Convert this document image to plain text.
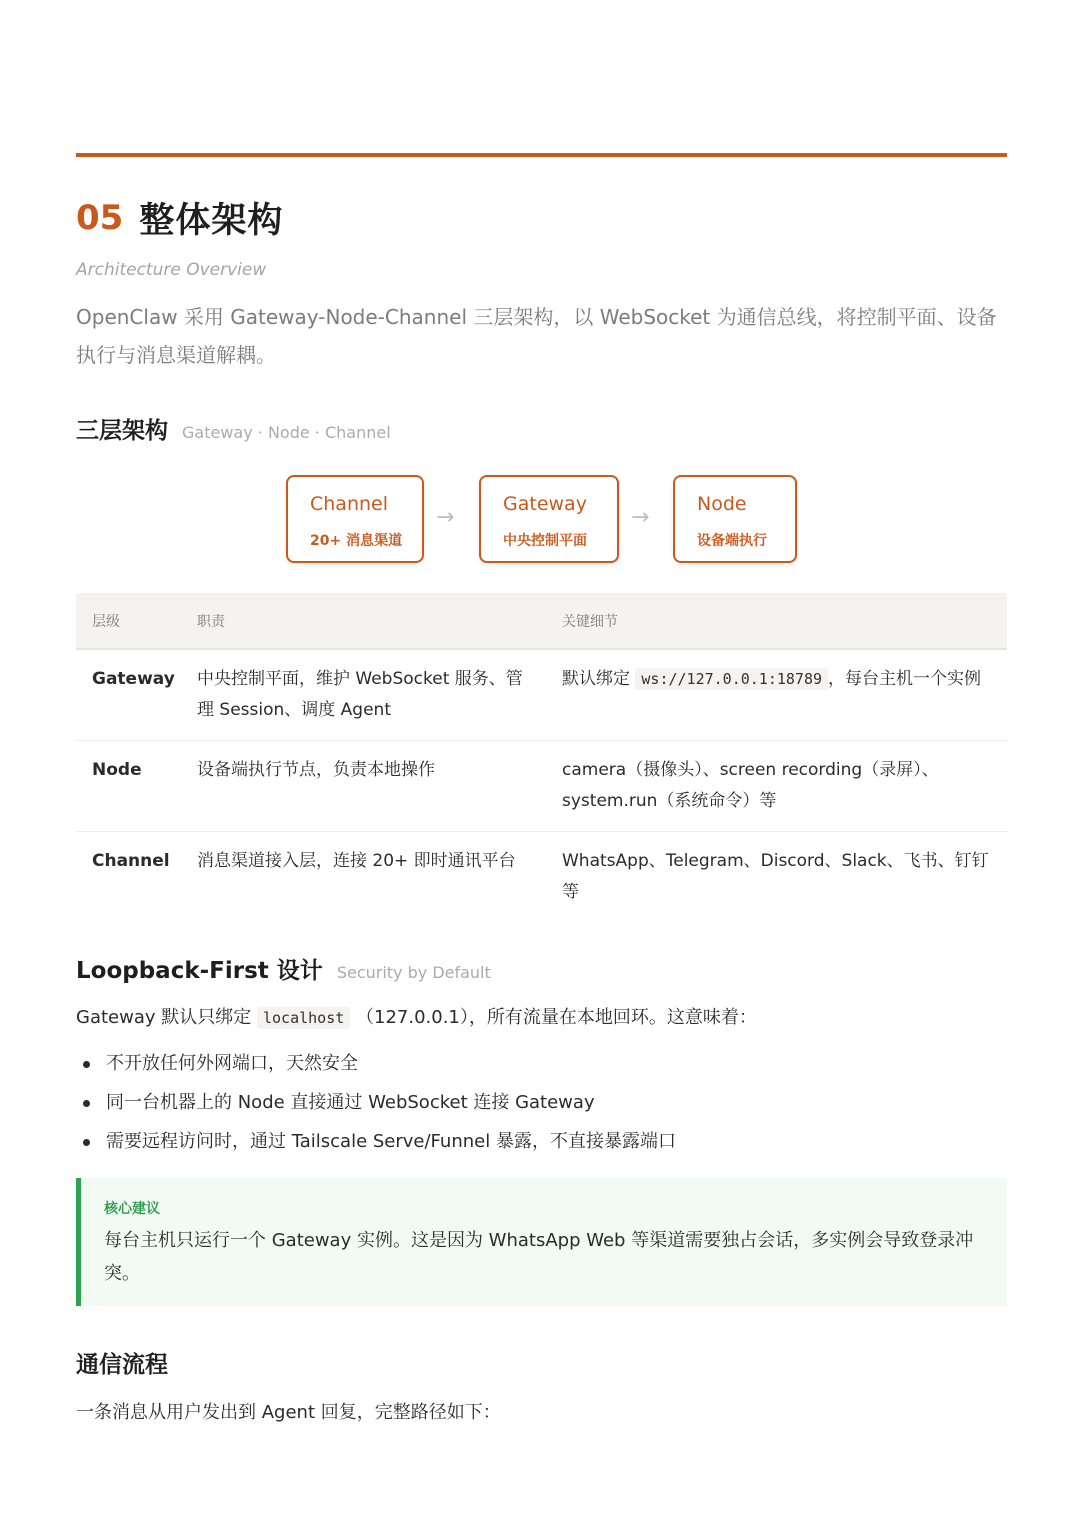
05 整体架构
Architecture Overview

OpenClaw 采用 Gateway-Node-Channel 三层架构，以 WebSocket 为通信总线，将控制平面、设备执行与消息渠道解耦。

三层架构 Gateway · Node · Channel
Channel
20+ 消息渠道
→
Gateway
中央控制平面
→
Node
设备端执行
层级	职责	关键细节
Gateway	中央控制平面，维护 WebSocket 服务、管理 Session、调度 Agent	默认绑定 ws://127.0.0.1:18789 ，每台主机一个实例
Node	设备端执行节点，负责本地操作	camera（摄像头）、screen recording（录屏）、system.run（系统命令）等
Channel	消息渠道接入层，连接 20+ 即时通讯平台	WhatsApp、Telegram、Discord、Slack、飞书、钉钉等
Loopback-First 设计 Security by Default

Gateway 默认只绑定 localhost （127.0.0.1），所有流量在本地回环。这意味着：

不开放任何外网端口，天然安全
同一台机器上的 Node 直接通过 WebSocket 连接 Gateway
需要远程访问时，通过 Tailscale Serve/Funnel 暴露，不直接暴露端口

核心建议

每台主机只运行一个 Gateway 实例。这是因为 WhatsApp Web 等渠道需要独占会话，多实例会导致登录冲突。

通信流程

一条消息从用户发出到 Agent 回复，完整路径如下：
